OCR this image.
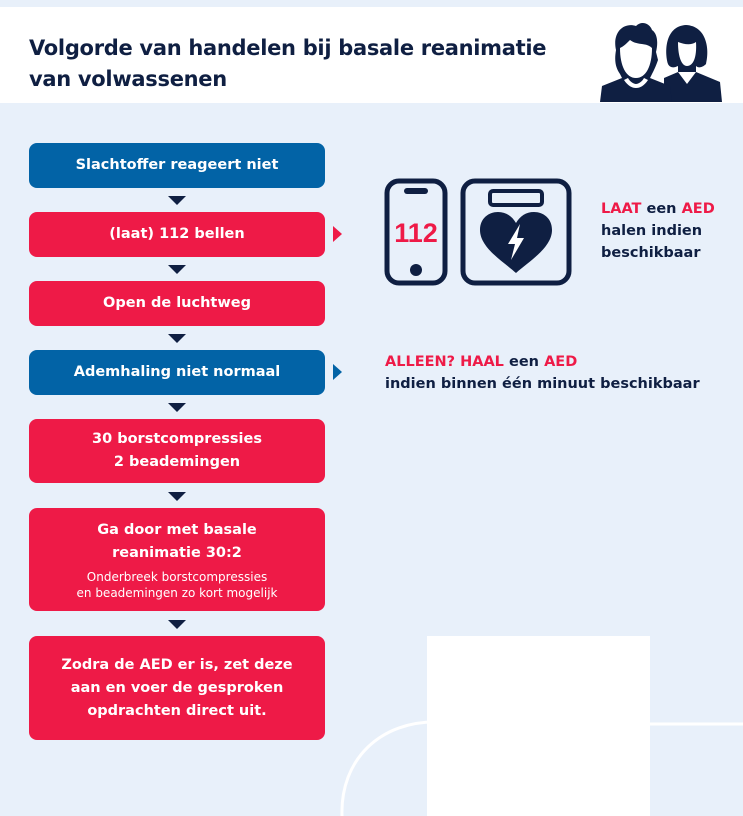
Volgorde van handelen bij basale reanimatie van volwassenen
Slachtoffer reageert niet
(laat) 112 bellen
Open de luchtweg
Ademhaling niet normaal
30 borstcompressies
2 beademingen
Ga door met basale
reanimatie 30:2
Onderbreek borstcompressies
en beademingen zo kort mogelijk
Zodra de AED er is, zet deze
aan en voer de gesproken
opdrachten direct uit.
112
LAAT een AED
halen indien
beschikbaar
ALLEEN? HAAL een AED
indien binnen één minuut beschikbaar
